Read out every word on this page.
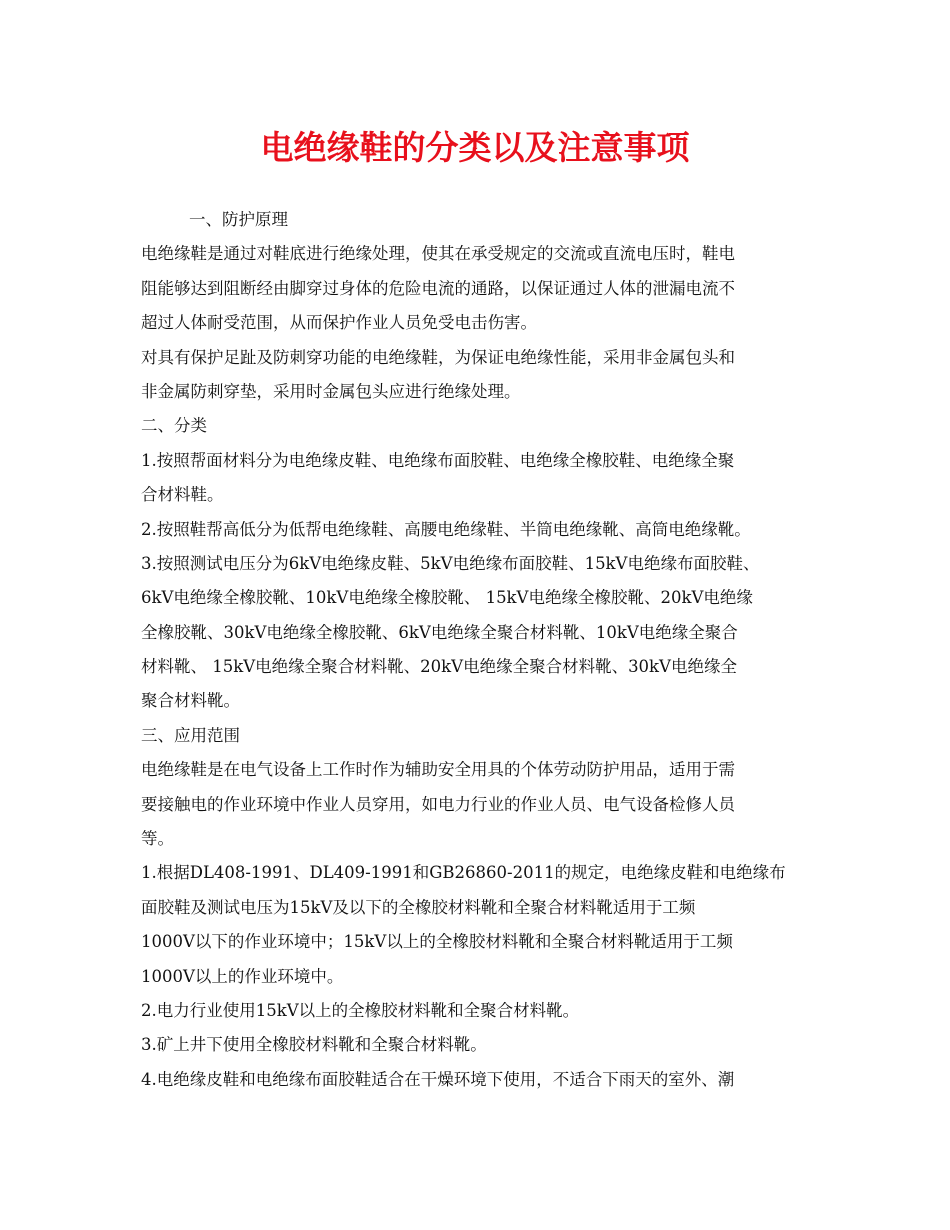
电绝缘鞋的分类以及注意事项
一、防护原理
电绝缘鞋是通过对鞋底进行绝缘处理，使其在承受规定的交流或直流电压时，鞋电
阻能够达到阻断经由脚穿过身体的危险电流的通路，以保证通过人体的泄漏电流不
超过人体耐受范围，从而保护作业人员免受电击伤害。
对具有保护足趾及防刺穿功能的电绝缘鞋，为保证电绝缘性能，采用非金属包头和
非金属防刺穿垫，采用时金属包头应进行绝缘处理。
二、分类
1.按照帮面材料分为电绝缘皮鞋、电绝缘布面胶鞋、电绝缘全橡胶鞋、电绝缘全聚
合材料鞋。
2.按照鞋帮高低分为低帮电绝缘鞋、高腰电绝缘鞋、半筒电绝缘靴、高筒电绝缘靴。
3.按照测试电压分为6kV电绝缘皮鞋、5kV电绝缘布面胶鞋、15kV电绝缘布面胶鞋、
6kV电绝缘全橡胶靴、10kV电绝缘全橡胶靴、 15kV电绝缘全橡胶靴、20kV电绝缘
全橡胶靴、30kV电绝缘全橡胶靴、6kV电绝缘全聚合材料靴、10kV电绝缘全聚合
材料靴、 15kV电绝缘全聚合材料靴、20kV电绝缘全聚合材料靴、30kV电绝缘全
聚合材料靴。
三、应用范围
电绝缘鞋是在电气设备上工作时作为辅助安全用具的个体劳动防护用品，适用于需
要接触电的作业环境中作业人员穿用，如电力行业的作业人员、电气设备检修人员
等。
1.根据DL408-1991、DL409-1991和GB26860-2011的规定，电绝缘皮鞋和电绝缘布
面胶鞋及测试电压为15kV及以下的全橡胶材料靴和全聚合材料靴适用于工频
1000V以下的作业环境中；15kV以上的全橡胶材料靴和全聚合材料靴适用于工频
1000V以上的作业环境中。
2.电力行业使用15kV以上的全橡胶材料靴和全聚合材料靴。
3.矿上井下使用全橡胶材料靴和全聚合材料靴。
4.电绝缘皮鞋和电绝缘布面胶鞋适合在干燥环境下使用，不适合下雨天的室外、潮
